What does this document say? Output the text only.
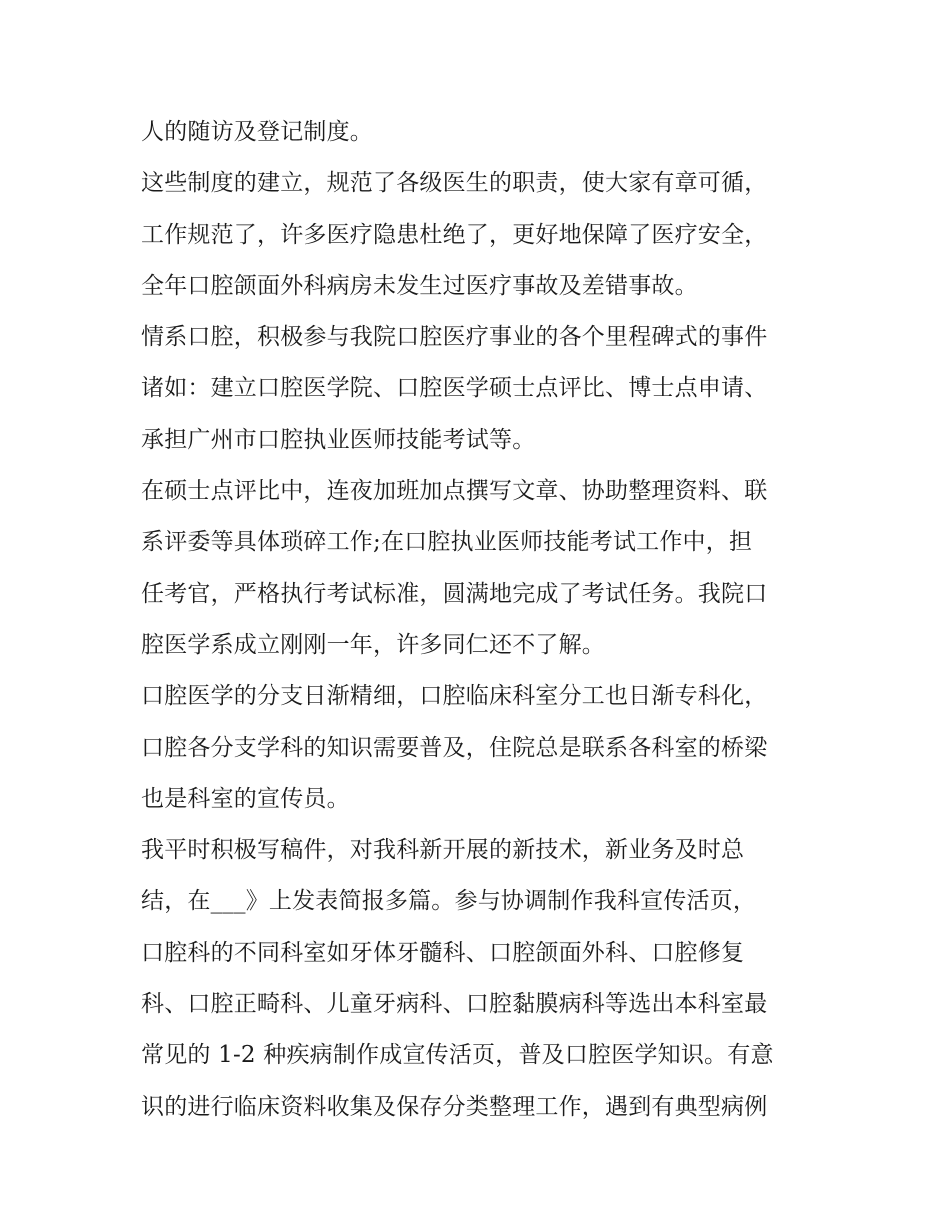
人的随访及登记制度。
这些制度的建立，规范了各级医生的职责，使大家有章可循，
工作规范了，许多医疗隐患杜绝了，更好地保障了医疗安全，
全年口腔颌面外科病房未发生过医疗事故及差错事故。
情系口腔，积极参与我院口腔医疗事业的各个里程碑式的事件
诸如：建立口腔医学院、口腔医学硕士点评比、博士点申请、
承担广州市口腔执业医师技能考试等。
在硕士点评比中，连夜加班加点撰写文章、协助整理资料、联
系评委等具体琐碎工作;在口腔执业医师技能考试工作中，担
任考官，严格执行考试标准，圆满地完成了考试任务。我院口
腔医学系成立刚刚一年，许多同仁还不了解。
口腔医学的分支日渐精细，口腔临床科室分工也日渐专科化，
口腔各分支学科的知识需要普及，住院总是联系各科室的桥梁
也是科室的宣传员。
我平时积极写稿件，对我科新开展的新技术，新业务及时总
结，在___》上发表简报多篇。参与协调制作我科宣传活页，
口腔科的不同科室如牙体牙髓科、口腔颌面外科、口腔修复
科、口腔正畸科、儿童牙病科、口腔黏膜病科等选出本科室最
常见的 1-2 种疾病制作成宣传活页，普及口腔医学知识。有意
识的进行临床资料收集及保存分类整理工作，遇到有典型病例
